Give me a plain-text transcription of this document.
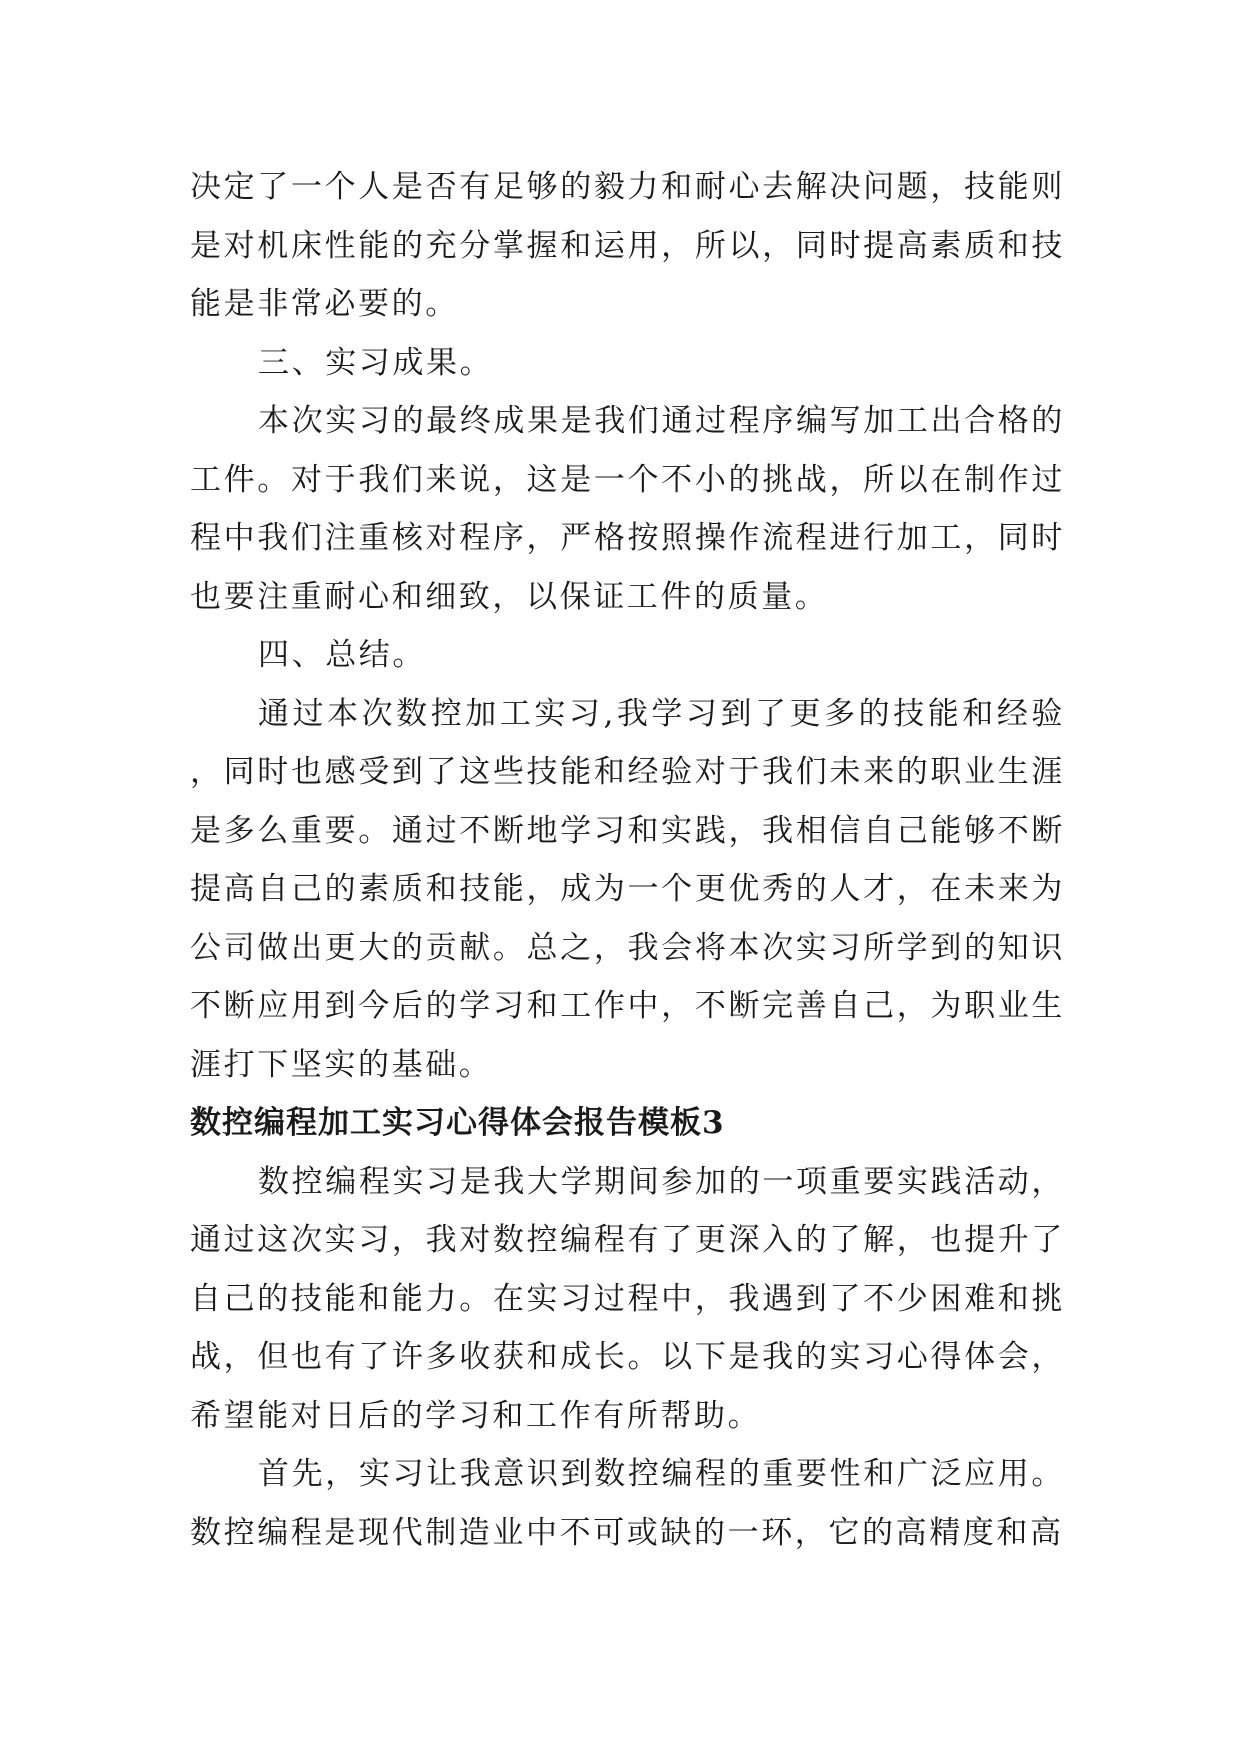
决定了一个人是否有足够的毅力和耐心去解决问题，技能则是对机床性能的充分掌握和运用，所以，同时提高素质和技能是非常必要的。

三、实习成果。

本次实习的最终成果是我们通过程序编写加工出合格的工件。对于我们来说，这是一个不小的挑战，所以在制作过程中我们注重核对程序，严格按照操作流程进行加工，同时也要注重耐心和细致，以保证工件的质量。

四、总结。

通过本次数控加工实习,我学习到了更多的技能和经验，同时也感受到了这些技能和经验对于我们未来的职业生涯是多么重要。通过不断地学习和实践，我相信自己能够不断提高自己的素质和技能，成为一个更优秀的人才，在未来为公司做出更大的贡献。总之，我会将本次实习所学到的知识不断应用到今后的学习和工作中，不断完善自己，为职业生涯打下坚实的基础。

数控编程加工实习心得体会报告模板3

数控编程实习是我大学期间参加的一项重要实践活动，通过这次实习，我对数控编程有了更深入的了解，也提升了自己的技能和能力。在实习过程中，我遇到了不少困难和挑战，但也有了许多收获和成长。以下是我的实习心得体会，希望能对日后的学习和工作有所帮助。

首先，实习让我意识到数控编程的重要性和广泛应用。数控编程是现代制造业中不可或缺的一环，它的高精度和高
